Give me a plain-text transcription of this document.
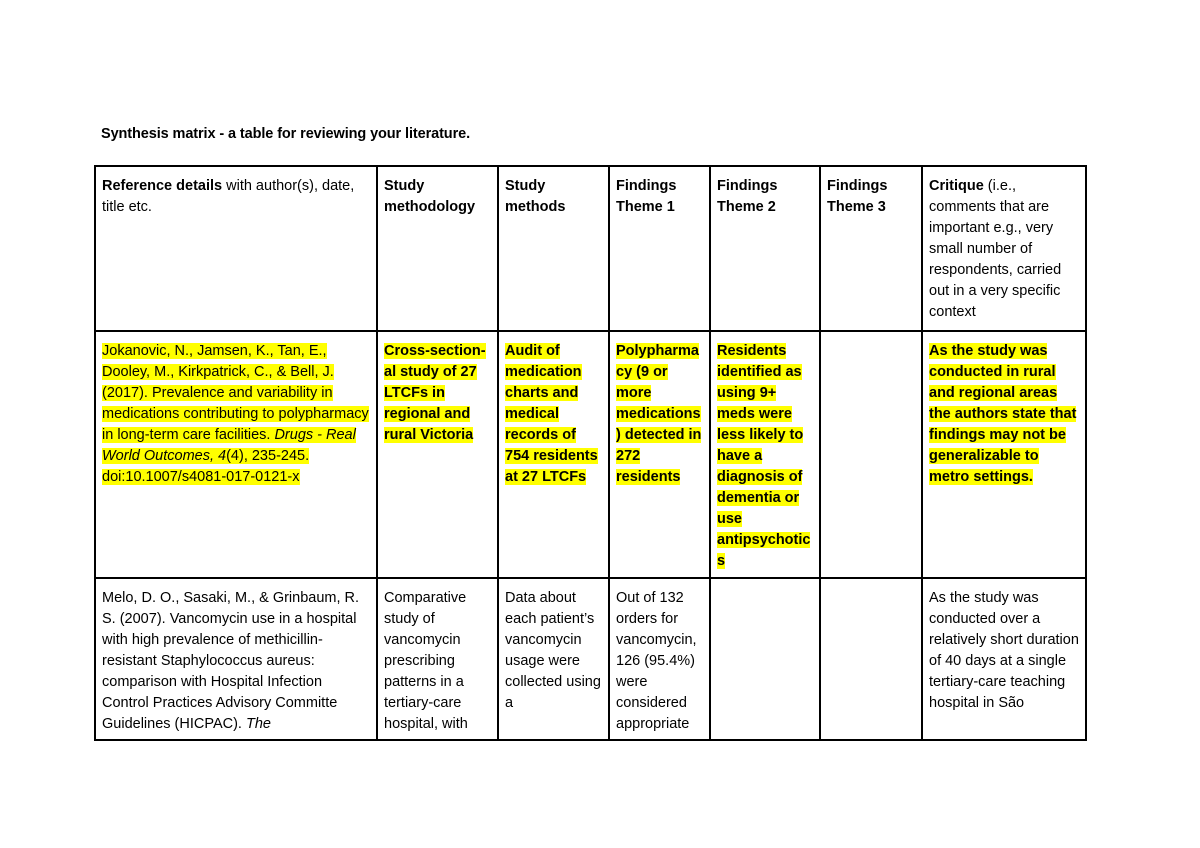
Synthesis matrix - a table for reviewing your literature.
Reference details with author(s), date, title etc.	Study methodology	Study methods	Findings Theme 1	Findings Theme 2	Findings Theme 3	Critique (i.e., comments that are important e.g., very small number of respondents, carried out in a very specific context
Jokanovic, N., Jamsen, K., Tan, E., Dooley, M., Kirkpatrick, C., & Bell, J. (2017). Prevalence and variability in medications contributing to polypharmacy in long-term care facilities. Drugs - Real World Outcomes, 4(4), 235-245. doi:10.1007/s4081-017-0121-x	Cross-section-al study of 27 LTCFs in regional and rural Victoria	Audit of medication charts and medical records of 754 residents at 27 LTCFs	Polypharmacy (9 or more medications) detected in 272 residents	Residents identified as using 9+ meds were less likely to have a diagnosis of dementia or use antipsychotics		As the study was conducted in rural and regional areas the authors state that findings may not be generalizable to metro settings.
Melo, D. O., Sasaki, M., & Grinbaum, R. S. (2007). Vancomycin use in a hospital with high prevalence of methicillin-resistant Staphylococcus aureus: comparison with Hospital Infection Control Practices Advisory Committe Guidelines (HICPAC). The	Comparative study of vancomycin prescribing patterns in a tertiary-care hospital, with	Data about each patient’s vancomycin usage were collected using a	Out of 132 orders for vancomycin, 126 (95.4%) were considered appropriate			As the study was conducted over a relatively short duration of 40 days at a single tertiary-care teaching hospital in São
